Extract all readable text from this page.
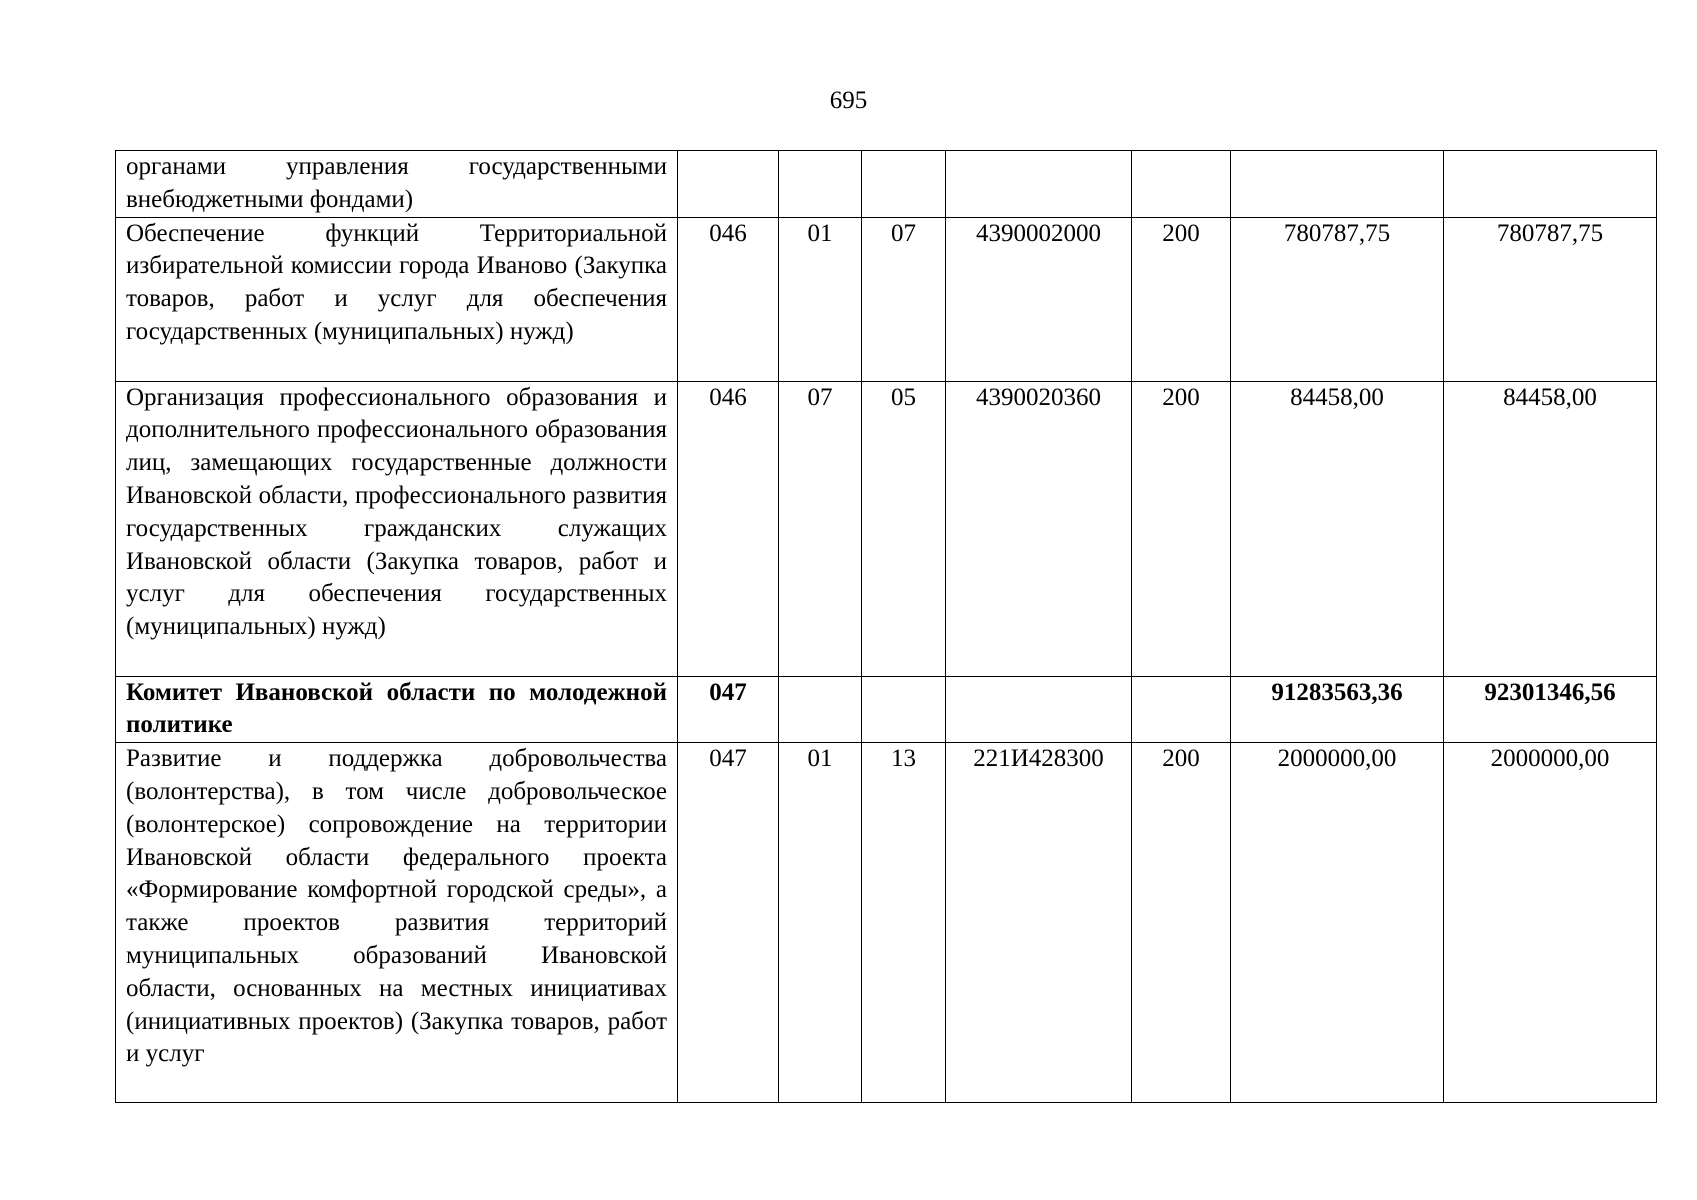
695
органами управления государственными внебюджетными фондами)							
Обеспечение функций Территориальной избирательной комиссии города Иваново (Закупка товаров, работ и услуг для обеспечения государственных (муниципальных) нужд)	046	01	07	4390002000	200	780787,75	780787,75
Организация профессионального образования и дополнительного профессионального образования лиц, замещающих государственные должности Ивановской области, профессионального развития государственных гражданских служащих Ивановской области (Закупка товаров, работ и услуг для обеспечения государственных (муниципальных) нужд)	046	07	05	4390020360	200	84458,00	84458,00
Комитет Ивановской области по молодежной политике	047					91283563,36	92301346,56
Развитие и поддержка добровольчества (волонтерства), в том числе добровольческое (волонтерское) сопровождение на территории Ивановской области федерального проекта «Формирование комфортной городской среды», а также проектов развития территорий муниципальных образований Ивановской области, основанных на местных инициативах (инициативных проектов) (Закупка товаров, работ и услуг	047	01	13	221И428300	200	2000000,00	2000000,00
